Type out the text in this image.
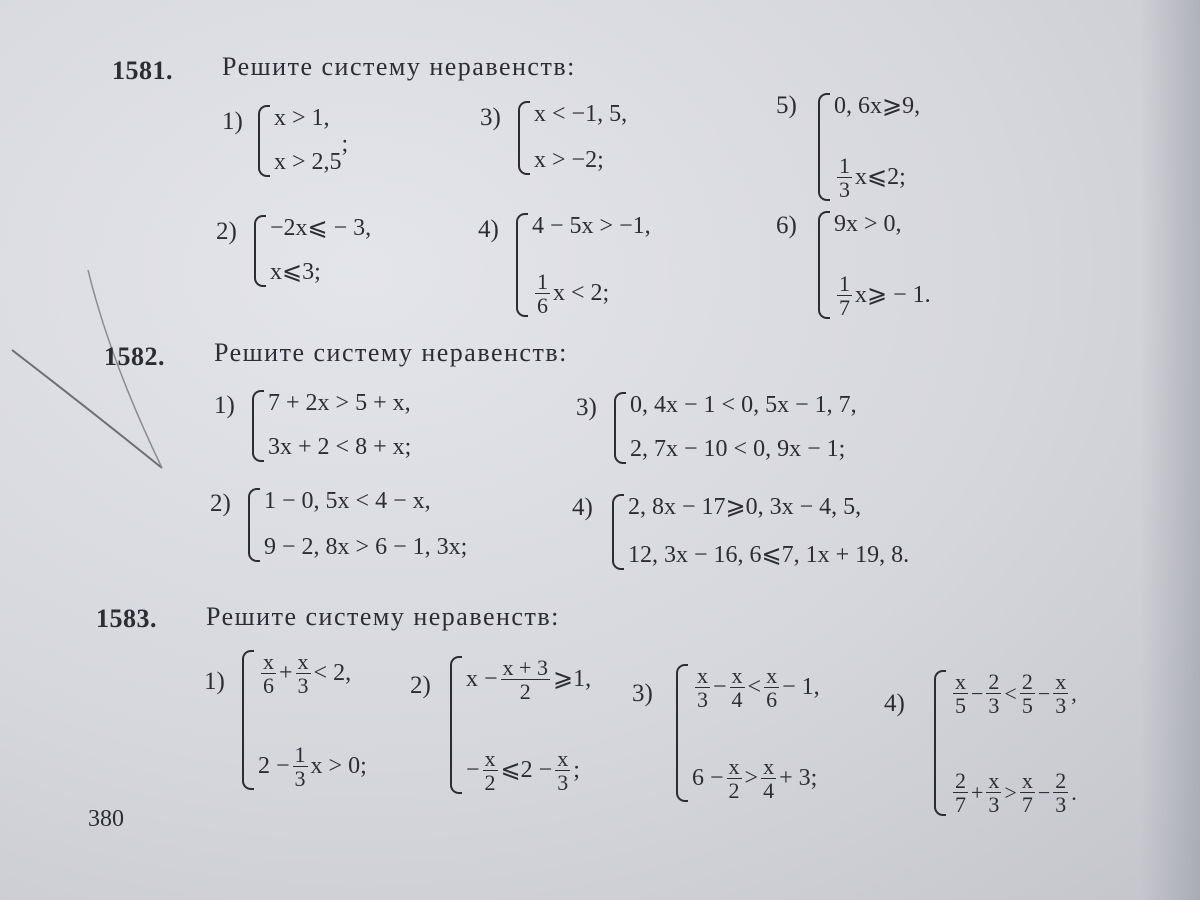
1581. Решите систему неравенств:
1) x > 1,
x > 2,5
;
2) −2x⩽ − 3,
x⩽3;
3) x < −1, 5,
x > −2;
4) 4 − 5x > −1,
1
6 x < 2;
5) 0, 6x⩾9,
1
3 x⩽2;
6) 9x > 0,
1
7 x⩾ − 1.
1582. Решите систему неравенств:
1) 7 + 2x > 5 + x,
3x + 2 < 8 + x;
2) 1 − 0, 5x < 4 − x,
9 − 2, 8x > 6 − 1, 3x;
3) 0, 4x − 1 < 0, 5x − 1, 7,
2, 7x − 10 < 0, 9x − 1;
4) 2, 8x − 17⩾0, 3x − 4, 5,
12, 3x − 16, 6⩽7, 1x + 19, 8.
1583. Решите систему неравенств:
1)
x
$6 + \frac{x}{3} < 2$,
$2 - \frac{1}{3}$ x > 0;
2) $x - \frac{x + 3}{2}$ ⩾1,
− $\frac{x}{2}$ ⩽2 − $\frac{x}{3}$ ;
3)
x
$3 - \frac{x}{4} < x$
6 − 1,
$6 - \frac{x}{2} > x$
4 + 3;
4)
x
$5 - \frac{2}{3} < 2$
$5 - \frac{x}{3}$ ,
2
$7 + \frac{x}{3} > x$
$7 - \frac{2}{3}$ .
380
